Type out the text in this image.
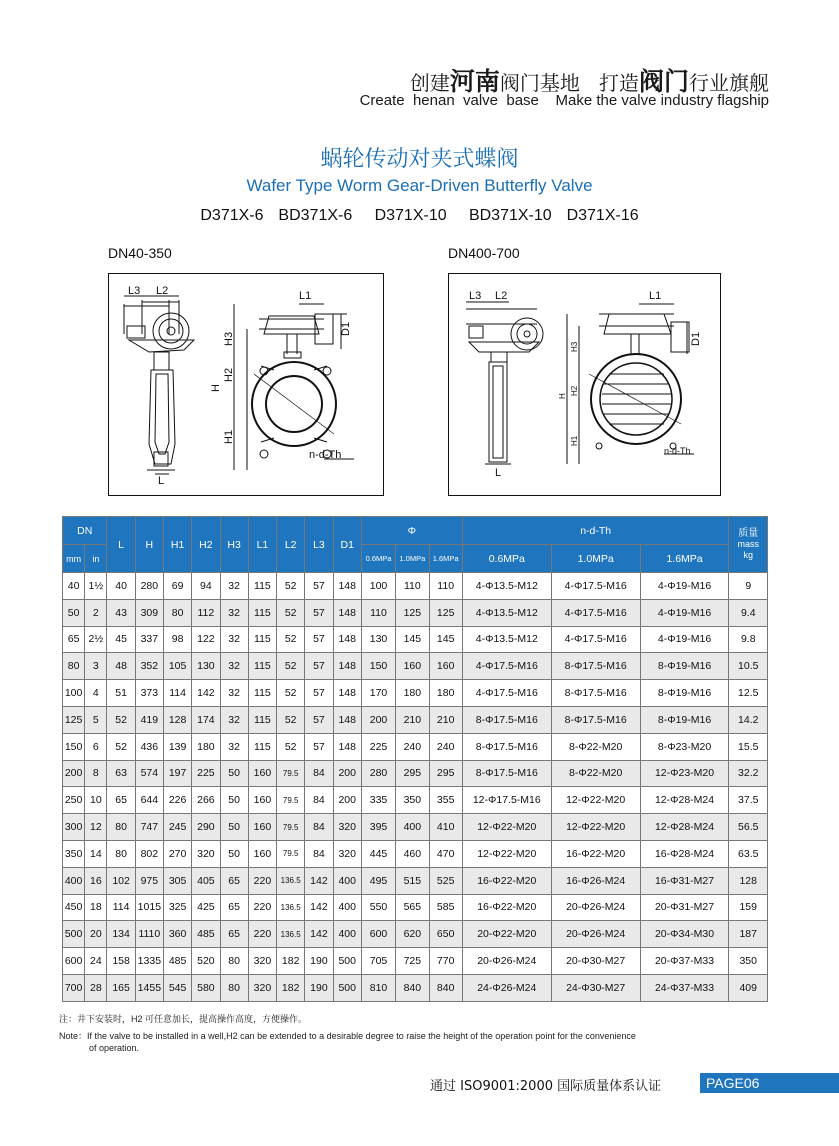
创建河南阀门基地 打造阀门行业旗舰
Create  henan  valve  base    Make the valve industry flagship
蜗轮传动对夹式蝶阀
Wafer Type Worm Gear-Driven Butterfly Valve
D371X-6  BD371X-6   D371X-10   BD371X-10  D371X-16
DN40-350	DN400-700
L3 L2	L1
D1
H3
H2
H
H1
L
n-d-Th
L3 L2	L1
D1
H3
H2
H
H1
L
n-d-Th
DN		L	H	H1	H2	H3	L1	L2	L3	D1	Φ			n-d-Th			质量
mass
kg

mm	in										0.6MPa	1.0MPa	1.6MPa	0.6MPa	1.0MPa	1.6MPa	
40	1½	40	280	69	94	32	115	52	57	148	100	110	110	4-Φ13.5-M12	4-Φ17.5-M16	4-Φ19-M16	9
50	2	43	309	80	112	32	115	52	57	148	110	125	125	4-Φ13.5-M12	4-Φ17.5-M16	4-Φ19-M16	9.4
65	2½	45	337	98	122	32	115	52	57	148	130	145	145	4-Φ13.5-M12	4-Φ17.5-M16	4-Φ19-M16	9.8
80	3	48	352	105	130	32	115	52	57	148	150	160	160	4-Φ17.5-M16	8-Φ17.5-M16	8-Φ19-M16	10.5
100	4	51	373	114	142	32	115	52	57	148	170	180	180	4-Φ17.5-M16	8-Φ17.5-M16	8-Φ19-M16	12.5
125	5	52	419	128	174	32	115	52	57	148	200	210	210	8-Φ17.5-M16	8-Φ17.5-M16	8-Φ19-M16	14.2
150	6	52	436	139	180	32	115	52	57	148	225	240	240	8-Φ17.5-M16	8-Φ22-M20	8-Φ23-M20	15.5
200	8	63	574	197	225	50	160	79.5	84	200	280	295	295	8-Φ17.5-M16	8-Φ22-M20	12-Φ23-M20	32.2
250	10	65	644	226	266	50	160	79.5	84	200	335	350	355	12-Φ17.5-M16	12-Φ22-M20	12-Φ28-M24	37.5
300	12	80	747	245	290	50	160	79.5	84	320	395	400	410	12-Φ22-M20	12-Φ22-M20	12-Φ28-M24	56.5
350	14	80	802	270	320	50	160	79.5	84	320	445	460	470	12-Φ22-M20	16-Φ22-M20	16-Φ28-M24	63.5
400	16	102	975	305	405	65	220	136.5	142	400	495	515	525	16-Φ22-M20	16-Φ26-M24	16-Φ31-M27	128
450	18	114	1015	325	425	65	220	136.5	142	400	550	565	585	16-Φ22-M20	20-Φ26-M24	20-Φ31-M27	159
500	20	134	1110	360	485	65	220	136.5	142	400	600	620	650	20-Φ22-M20	20-Φ26-M24	20-Φ34-M30	187
600	24	158	1335	485	520	80	320	182	190	500	705	725	770	20-Φ26-M24	20-Φ30-M27	20-Φ37-M33	350
700	28	165	1455	545	580	80	320	182	190	500	810	840	840	24-Φ26-M24	24-Φ30-M27	24-Φ37-M33	409
注：井下安装时，H2 可任意加长，提高操作高度，方便操作。
Note：If the valve to be installed in a well,H2 can be extended to a desirable degree to raise the height of the operation point for the convenience
of operation.
通过 ISO9001:2000 国际质量体系认证	PAGE06
